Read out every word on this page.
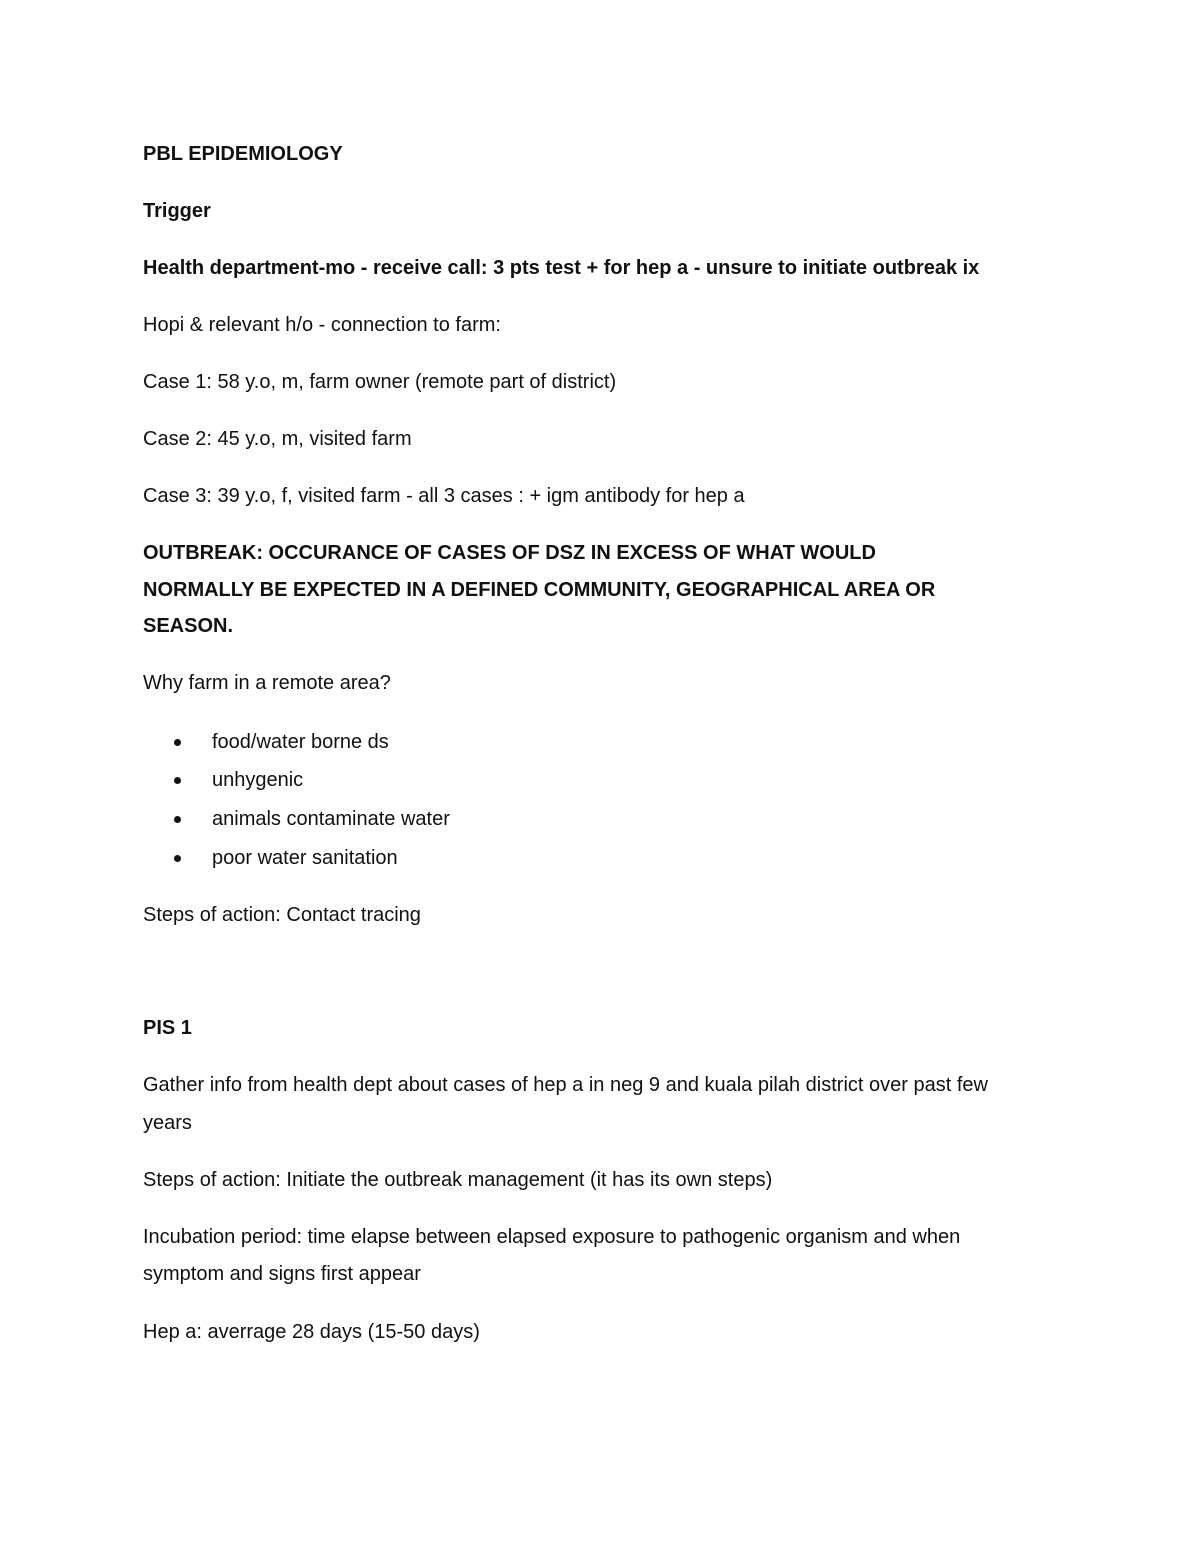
PBL EPIDEMIOLOGY
Trigger
Health department-mo - receive call: 3 pts test + for hep a - unsure to initiate outbreak ix
Hopi & relevant h/o - connection to farm:
Case 1: 58 y.o, m, farm owner (remote part of district)
Case 2: 45 y.o, m, visited farm
Case 3: 39 y.o, f, visited farm - all 3 cases : + igm antibody for hep a
OUTBREAK: OCCURANCE OF CASES OF DSZ IN EXCESS OF WHAT WOULD
NORMALLY BE EXPECTED IN A DEFINED COMMUNITY, GEOGRAPHICAL AREA OR
SEASON.
Why farm in a remote area?
food/water borne ds
unhygenic
animals contaminate water
poor water sanitation
Steps of action: Contact tracing
PIS 1
Gather info from health dept about cases of hep a in neg 9 and kuala pilah district over past few
years
Steps of action: Initiate the outbreak management (it has its own steps)
Incubation period: time elapse between elapsed exposure to pathogenic organism and when
symptom and signs first appear
Hep a: averrage 28 days (15-50 days)
